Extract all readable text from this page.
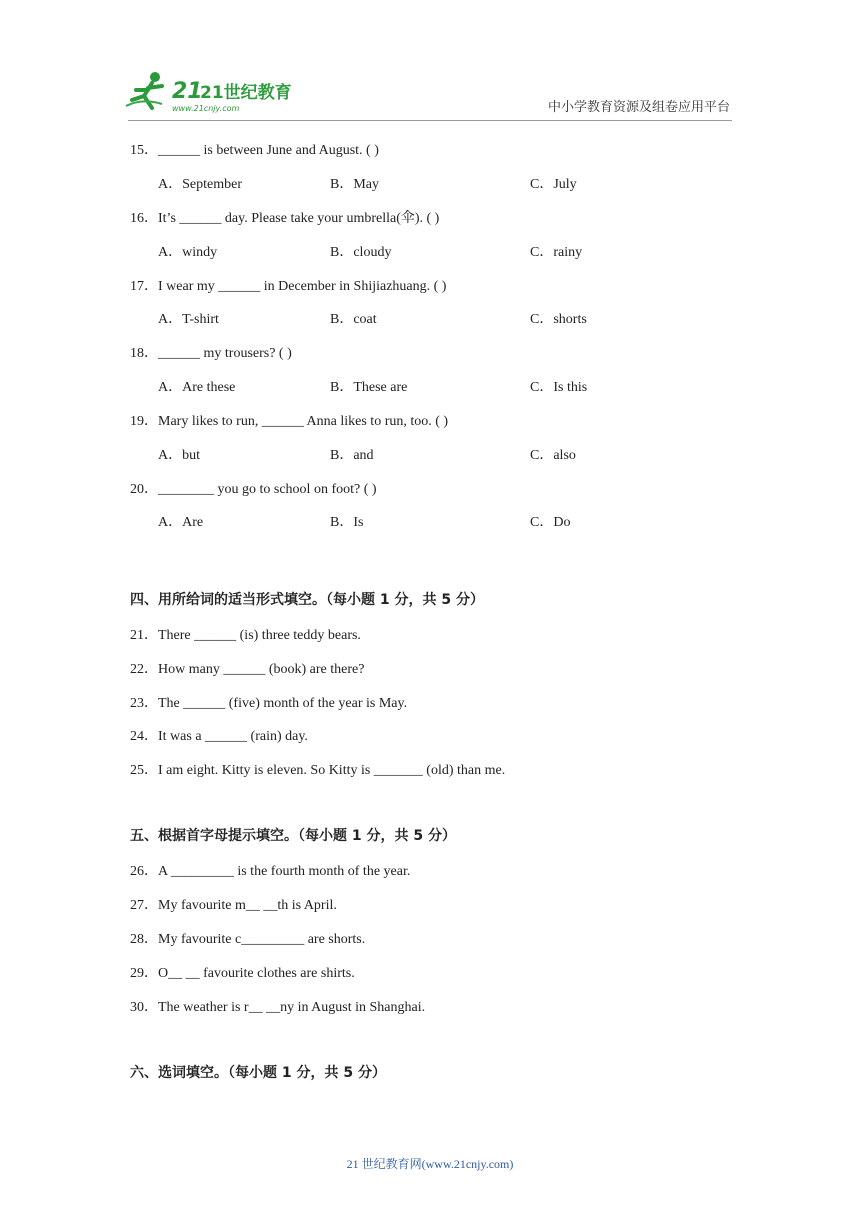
21
21世纪教育
www.21cnjy.com	中小学教育资源及组卷应用平台
15．______ is between June and August. ( )
A．September	B．May	C．July
16．It’s ______ day. Please take your umbrella(伞). ( )
A．windy	B．cloudy	C．rainy
17．I wear my ______ in December in Shijiazhuang. ( )
A．T-shirt	B．coat	C．shorts
18．______ my trousers? ( )
A．Are these	B．These are	C．Is this
19．Mary likes to run, ______ Anna likes to run, too. ( )
A．but	B．and	C．also
20．________ you go to school on foot? ( )
A．Are	B．Is	C．Do
四、用所给词的适当形式填空。（每小题 1 分，共 5 分）
21．There ______ (is) three teddy bears.
22．How many ______ (book) are there?
23．The ______ (five) month of the year is May.
24．It was a ______ (rain) day.
25．I am eight. Kitty is eleven. So Kitty is _______ (old) than me.
五、根据首字母提示填空。（每小题 1 分，共 5 分）
26．A _________ is the fourth month of the year.
27．My favourite m__ __th is April.
28．My favourite c_________ are shorts.
29．O__ __ favourite clothes are shirts.
30．The weather is r__ __ny in August in Shanghai.
六、选词填空。（每小题 1 分，共 5 分）
21 世纪教育网(www.21cnjy.com)
